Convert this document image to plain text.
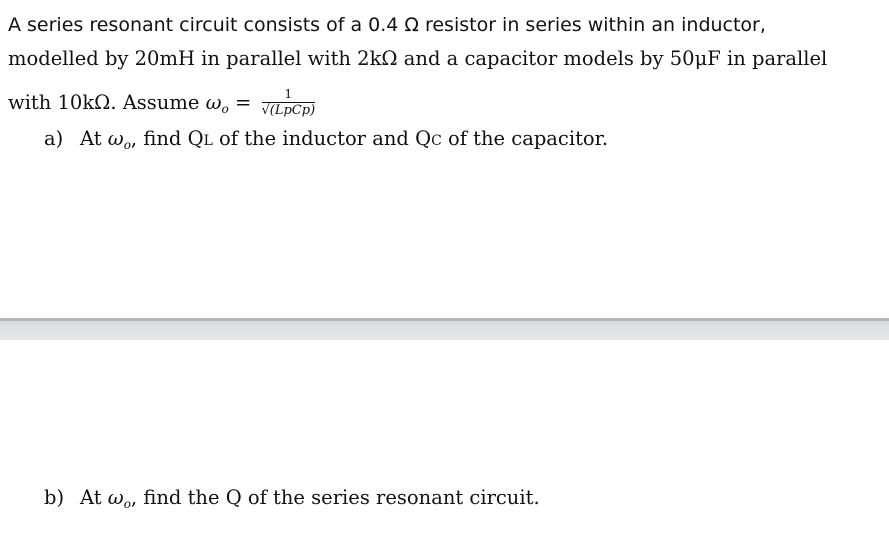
A series resonant circuit consists of a 0.4 Ω resistor in series within an inductor,
modelled by 20mH in parallel with 2kΩ and a capacitor models by 50μF in parallel
with 10kΩ. Assume $\omega_o = \frac{1}{\text{√(LpCp)}}$
a) At $\omega_o$, find QL of the inductor and QC of the capacitor.
b) At $\omega_o$, find the Q of the series resonant circuit.
